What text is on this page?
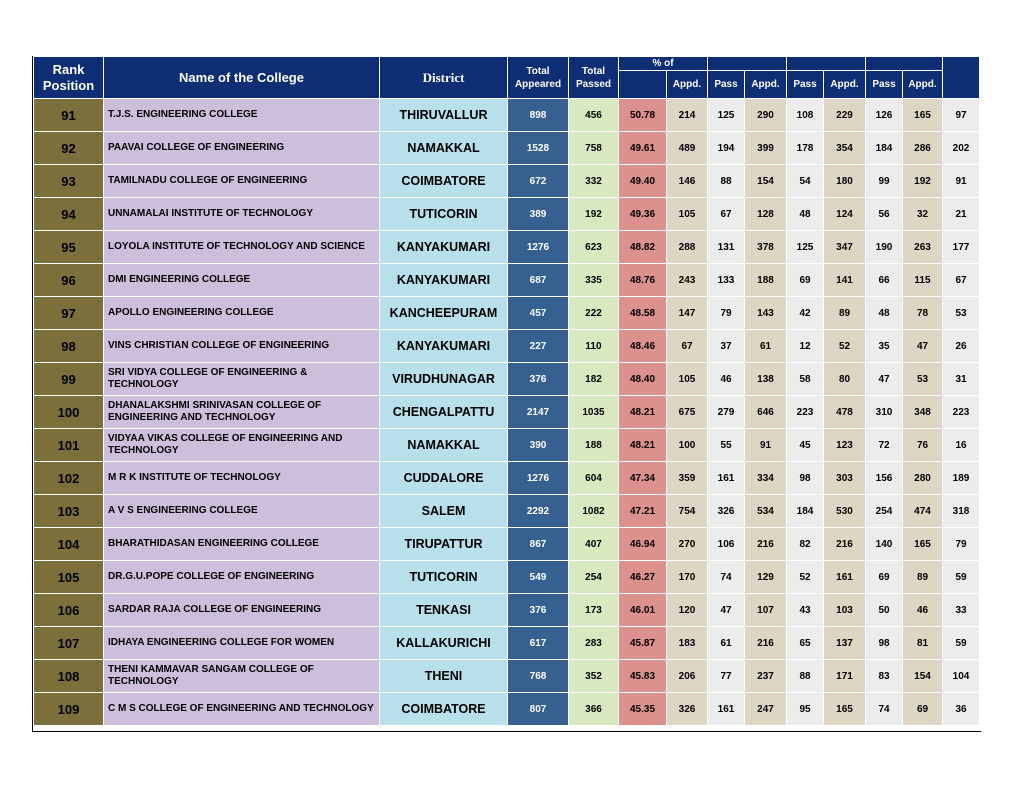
Rank Position	Name of the College	District	Total Appeared	Total Passed	% of								
						Appd.	Pass	Appd.	Pass	Appd.	Pass	Appd.	
91	T.J.S. ENGINEERING COLLEGE	THIRUVALLUR	898	456	50.78	214	125	290	108	229	126	165	97
92	PAAVAI COLLEGE OF ENGINEERING	NAMAKKAL	1528	758	49.61	489	194	399	178	354	184	286	202
93	TAMILNADU COLLEGE OF ENGINEERING	COIMBATORE	672	332	49.40	146	88	154	54	180	99	192	91
94	UNNAMALAI INSTITUTE OF TECHNOLOGY	TUTICORIN	389	192	49.36	105	67	128	48	124	56	32	21
95	LOYOLA INSTITUTE OF TECHNOLOGY AND SCIENCE	KANYAKUMARI	1276	623	48.82	288	131	378	125	347	190	263	177
96	DMI ENGINEERING COLLEGE	KANYAKUMARI	687	335	48.76	243	133	188	69	141	66	115	67
97	APOLLO ENGINEERING COLLEGE	KANCHEEPURAM	457	222	48.58	147	79	143	42	89	48	78	53
98	VINS CHRISTIAN COLLEGE OF ENGINEERING	KANYAKUMARI	227	110	48.46	67	37	61	12	52	35	47	26
99	SRI VIDYA COLLEGE OF ENGINEERING & TECHNOLOGY	VIRUDHUNAGAR	376	182	48.40	105	46	138	58	80	47	53	31
100	DHANALAKSHMI SRINIVASAN COLLEGE OF ENGINEERING AND TECHNOLOGY	CHENGALPATTU	2147	1035	48.21	675	279	646	223	478	310	348	223
101	VIDYAA VIKAS COLLEGE OF ENGINEERING AND TECHNOLOGY	NAMAKKAL	390	188	48.21	100	55	91	45	123	72	76	16
102	M R K INSTITUTE OF TECHNOLOGY	CUDDALORE	1276	604	47.34	359	161	334	98	303	156	280	189
103	A V S ENGINEERING COLLEGE	SALEM	2292	1082	47.21	754	326	534	184	530	254	474	318
104	BHARATHIDASAN ENGINEERING COLLEGE	TIRUPATTUR	867	407	46.94	270	106	216	82	216	140	165	79
105	DR.G.U.POPE COLLEGE OF ENGINEERING	TUTICORIN	549	254	46.27	170	74	129	52	161	69	89	59
106	SARDAR RAJA COLLEGE OF ENGINEERING	TENKASI	376	173	46.01	120	47	107	43	103	50	46	33
107	IDHAYA ENGINEERING COLLEGE FOR WOMEN	KALLAKURICHI	617	283	45.87	183	61	216	65	137	98	81	59
108	THENI KAMMAVAR SANGAM COLLEGE OF TECHNOLOGY	THENI	768	352	45.83	206	77	237	88	171	83	154	104
109	C M S COLLEGE OF ENGINEERING AND TECHNOLOGY	COIMBATORE	807	366	45.35	326	161	247	95	165	74	69	36
